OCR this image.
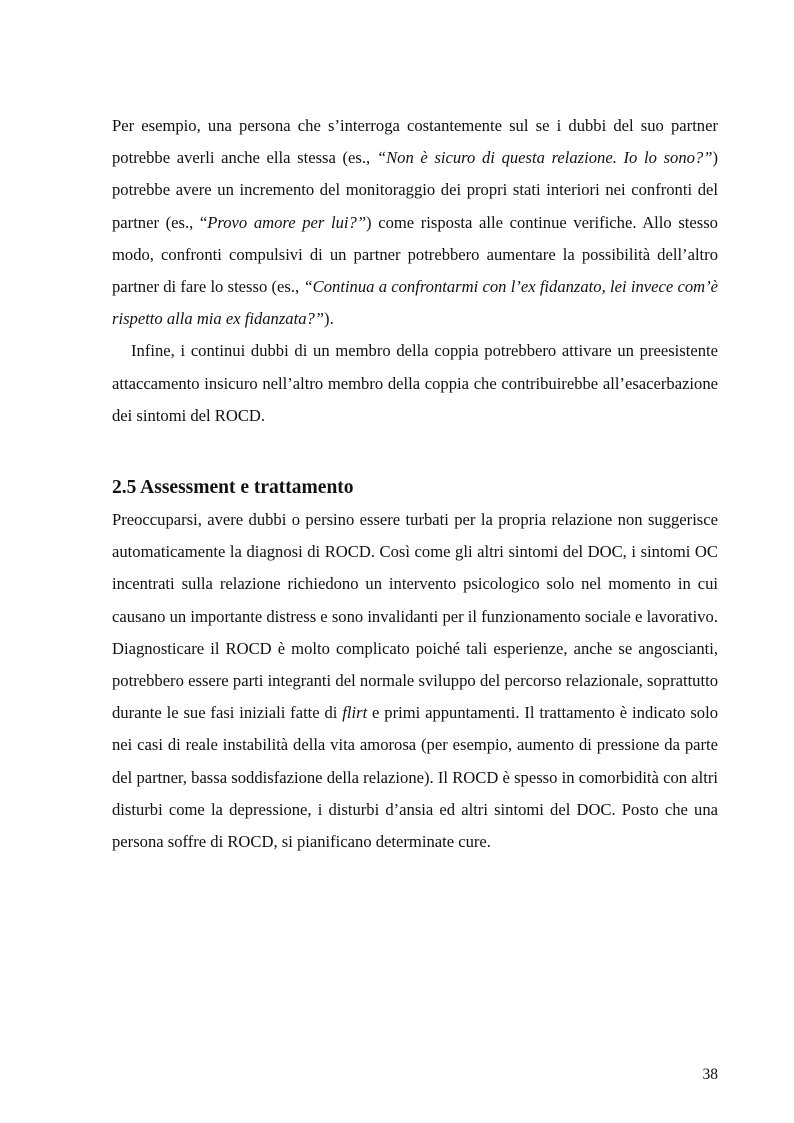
Per esempio, una persona che s’interroga costantemente sul se i dubbi del suo partner potrebbe averli anche ella stessa (es., “Non è sicuro di questa relazione. Io lo sono?”) potrebbe avere un incremento del monitoraggio dei propri stati interiori nei confronti del partner (es., “Provo amore per lui?”) come risposta alle continue verifiche. Allo stesso modo, confronti compulsivi di un partner potrebbero aumentare la possibilità dell’altro partner di fare lo stesso (es., “Continua a confrontarmi con l’ex fidanzato, lei invece com’è rispetto alla mia ex fidanzata?”).

Infine, i continui dubbi di un membro della coppia potrebbero attivare un preesistente attaccamento insicuro nell’altro membro della coppia che contribuirebbe all’esacerbazione dei sintomi del ROCD.

2.5 Assessment e trattamento

Preoccuparsi, avere dubbi o persino essere turbati per la propria relazione non suggerisce automaticamente la diagnosi di ROCD. Così come gli altri sintomi del DOC, i sintomi OC incentrati sulla relazione richiedono un intervento psicologico solo nel momento in cui causano un importante distress e sono invalidanti per il funzionamento sociale e lavorativo. Diagnosticare il ROCD è molto complicato poiché tali esperienze, anche se angoscianti, potrebbero essere parti integranti del normale sviluppo del percorso relazionale, soprattutto durante le sue fasi iniziali fatte di flirt e primi appuntamenti. Il trattamento è indicato solo nei casi di reale instabilità della vita amorosa (per esempio, aumento di pressione da parte del partner, bassa soddisfazione della relazione). Il ROCD è spesso in comorbidità con altri disturbi come la depressione, i disturbi d’ansia ed altri sintomi del DOC. Posto che una persona soffre di ROCD, si pianificano determinate cure.

38
